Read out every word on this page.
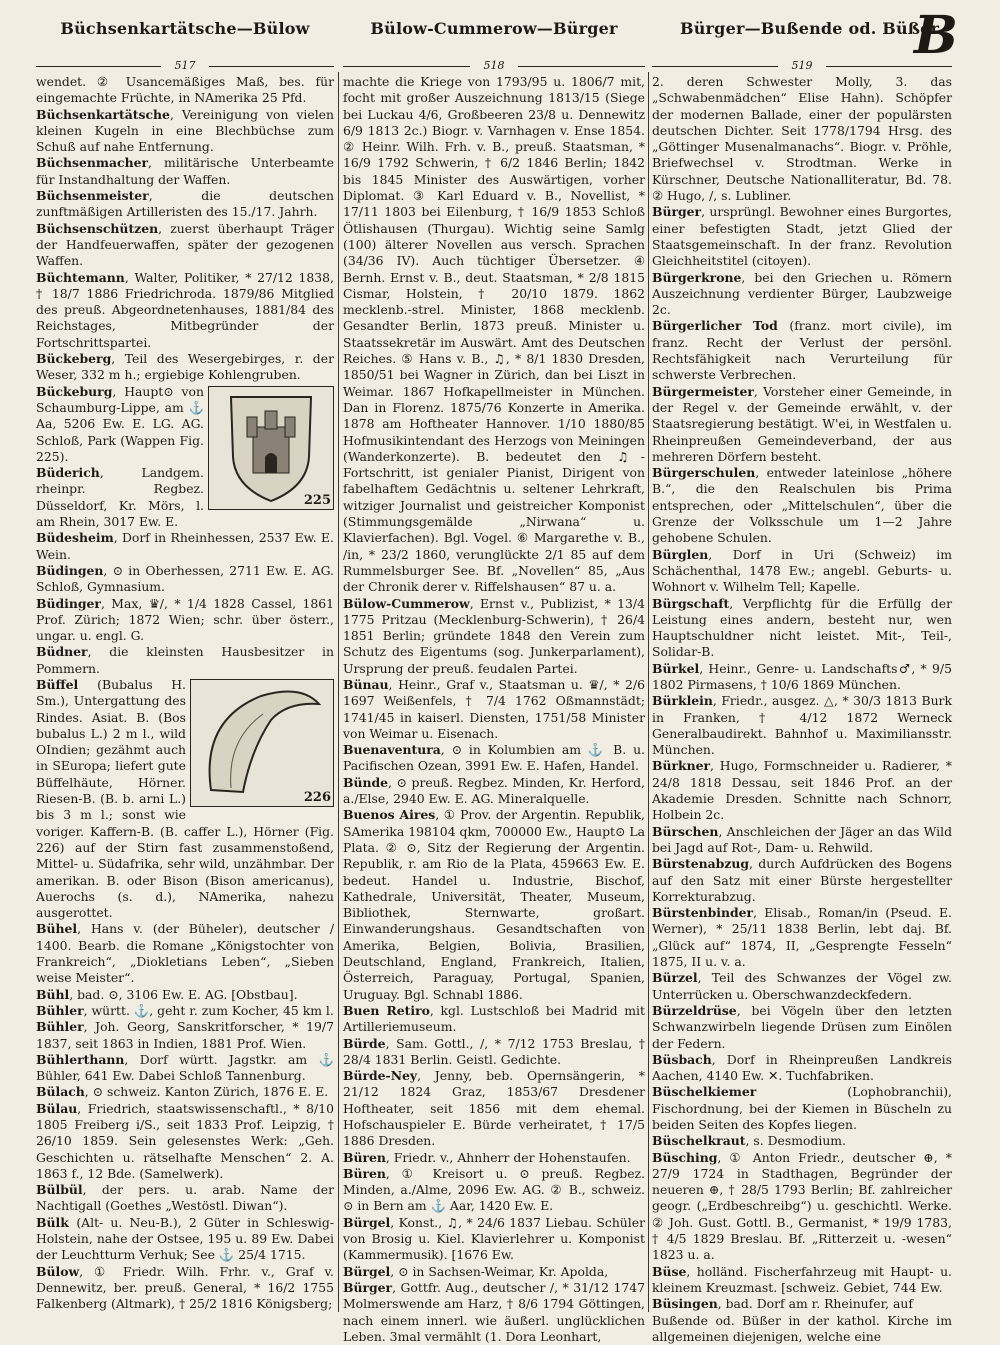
B
Büchsenkartätsche—Bülow
517

wendet. ② Usancemäßiges Maß, bes. für eingemachte Früchte, in NAmerika 25 Pfd.

Büchsenkartätsche, Vereinigung von vielen kleinen Kugeln in eine Blechbüchse zum Schuß auf nahe Entfernung.

Büchsenmacher, militärische Unterbeamte für Instandhaltung der Waffen.

Büchsenmeister, die deutschen zunftmäßigen Artilleristen des 15./17. Jahrh.

Büchsenschützen, zuerst überhaupt Träger der Handfeuerwaffen, später der gezogenen Waffen.

Büchtemann, Walter, Politiker, * 27/12 1838, † 18/7 1886 Friedrichroda. 1879/86 Mitglied des preuß. Abgeordnetenhauses, 1881/84 des Reichstages, Mitbegründer der Fortschrittspartei.

Bückeberg, Teil des Wesergebirges, r. der Weser, 332 m h.; ergiebige Kohlengruben.

225

Bückeburg, Haupt⊙ von Schaumburg-Lippe, am ⚓ Aa, 5206 Ew. E. LG. AG. Schloß, Park (Wappen Fig. 225).

Büderich, Landgem. rheinpr. Regbez. Düsseldorf, Kr. Mörs, l. am Rhein, 3017 Ew. E.

Büdesheim, Dorf in Rheinhessen, 2537 Ew. E. Wein.

Büdingen, ⊙ in Oberhessen, 2711 Ew. E. AG. Schloß, Gymnasium.

Büdinger, Max, ♛/, * 1/4 1828 Cassel, 1861 Prof. Zürich; 1872 Wien; schr. über österr., ungar. u. engl. G.

Büdner, die kleinsten Hausbesitzer in Pommern.

226

Büffel (Bubalus H. Sm.), Untergattung des Rindes. Asiat. B. (Bos bubalus L.) 2 m l., wild OIndien; gezähmt auch in SEuropa; liefert gute Büffelhäute, Hörner. Riesen-B. (B. b. arni L.) bis 3 m l.; sonst wie voriger. Kaffern-B. (B. caffer L.), Hörner (Fig. 226) auf der Stirn fast zusammenstoßend, Mittel- u. Südafrika, sehr wild, unzähmbar. Der amerikan. B. oder Bison (Bison americanus), Auerochs (s. d.), NAmerika, nahezu ausgerottet.

Bühel, Hans v. (der Büheler), deutscher / 1400. Bearb. die Romane „Königstochter von Frankreich“, „Diokletians Leben“, „Sieben weise Meister“.

Bühl, bad. ⊙, 3106 Ew. E. AG. [Obstbau].

Bühler, württ. ⚓, geht r. zum Kocher, 45 km l.

Bühler, Joh. Georg, Sanskritforscher, * 19/7 1837, seit 1863 in Indien, 1881 Prof. Wien.

Bühlerthann, Dorf württ. Jagstkr. am ⚓ Bühler, 641 Ew. Dabei Schloß Tannenburg.

Bülach, ⊙ schweiz. Kanton Zürich, 1876 E. E.

Bülau, Friedrich, staatswissenschaftl., * 8/10 1805 Freiberg i/S., seit 1833 Prof. Leipzig, † 26/10 1859. Sein gelesenstes Werk: „Geh. Geschichten u. rätselhafte Menschen“ 2. A. 1863 f., 12 Bde. (Samelwerk).

Bülbül, der pers. u. arab. Name der Nachtigall (Goethes „Westöstl. Diwan“).

Bülk (Alt- u. Neu-B.), 2 Güter in Schleswig-Holstein, nahe der Ostsee, 195 u. 89 Ew. Dabei der Leuchtturm Verhuk; See ⚓ 25/4 1715.

Bülow, ① Friedr. Wilh. Frhr. v., Graf v. Dennewitz, ber. preuß. General, * 16/2 1755 Falkenberg (Altmark), † 25/2 1816 Königsberg;

Bülow-Cummerow—Bürger
518

machte die Kriege von 1793/95 u. 1806/7 mit, focht mit großer Auszeichnung 1813/15 (Siege bei Luckau 4/6, Großbeeren 23/8 u. Dennewitz 6/9 1813 2c.) Biogr. v. Varnhagen v. Ense 1854. ② Heinr. Wilh. Frh. v. B., preuß. Staatsman, * 16/9 1792 Schwerin, † 6/2 1846 Berlin; 1842 bis 1845 Minister des Auswärtigen, vorher Diplomat. ③ Karl Eduard v. B., Novellist, * 17/11 1803 bei Eilenburg, † 16/9 1853 Schloß Ötlishausen (Thurgau). Wichtig seine Samlg (100) älterer Novellen aus versch. Sprachen (34/36 IV). Auch tüchtiger Übersetzer. ④ Bernh. Ernst v. B., deut. Staatsman, * 2/8 1815 Cismar, Holstein, † 20/10 1879. 1862 mecklenb.-strel. Minister, 1868 mecklenb. Gesandter Berlin, 1873 preuß. Minister u. Staatssekretär im Auswärt. Amt des Deutschen Reiches. ⑤ Hans v. B., ♫, * 8/1 1830 Dresden, 1850/51 bei Wagner in Zürich, dan bei Liszt in Weimar. 1867 Hofkapellmeister in München. Dan in Florenz. 1875/76 Konzerte in Amerika. 1878 am Hoftheater Hannover. 1/10 1880/85 Hofmusikintendant des Herzogs von Meiningen (Wanderkonzerte). B. bedeutet den ♫-Fortschritt, ist genialer Pianist, Dirigent von fabelhaftem Gedächtnis u. seltener Lehrkraft, witziger Journalist und geistreicher Komponist (Stimmungsgemälde „Nirwana“ u. Klavierfachen). Bgl. Vogel. ⑥ Margarethe v. B., /in, * 23/2 1860, verunglückte 2/1 85 auf dem Rummelsburger See. Bf. „Novellen“ 85, „Aus der Chronik derer v. Riffelshausen“ 87 u. a.

Bülow-Cummerow, Ernst v., Publizist, * 13/4 1775 Pritzau (Mecklenburg-Schwerin), † 26/4 1851 Berlin; gründete 1848 den Verein zum Schutz des Eigentums (sog. Junkerparlament), Ursprung der preuß. feudalen Partei.

Bünau, Heinr., Graf v., Staatsman u. ♛/, * 2/6 1697 Weißenfels, † 7/4 1762 Oßmannstädt; 1741/45 in kaiserl. Diensten, 1751/58 Minister von Weimar u. Eisenach.

Buenaventura, ⊙ in Kolumbien am ⚓ B. u. Pacifischen Ozean, 3991 Ew. E. Hafen, Handel.

Bünde, ⊙ preuß. Regbez. Minden, Kr. Herford, a./Else, 2940 Ew. E. AG. Mineralquelle.

Buenos Aires, ① Prov. der Argentin. Republik, SAmerika 198104 qkm, 700000 Ew., Haupt⊙ La Plata. ② ⊙, Sitz der Regierung der Argentin. Republik, r. am Rio de la Plata, 459663 Ew. E. bedeut. Handel u. Industrie, Bischof, Kathedrale, Universität, Theater, Museum, Bibliothek, Sternwarte, großart. Einwanderungshaus. Gesandtschaften von Amerika, Belgien, Bolivia, Brasilien, Deutschland, England, Frankreich, Italien, Österreich, Paraguay, Portugal, Spanien, Uruguay. Bgl. Schnabl 1886.

Buen Retiro, kgl. Lustschloß bei Madrid mit Artilleriemuseum.

Bürde, Sam. Gottl., /, * 7/12 1753 Breslau, † 28/4 1831 Berlin. Geistl. Gedichte.

Bürde-Ney, Jenny, beb. Opernsängerin, * 21/12 1824 Graz, 1853/67 Dresdener Hoftheater, seit 1856 mit dem ehemal. Hofschauspieler E. Bürde verheiratet, † 17/5 1886 Dresden.

Büren, Friedr. v., Ahnherr der Hohenstaufen.

Büren, ① Kreisort u. ⊙ preuß. Regbez. Minden, a./Alme, 2096 Ew. AG. ② B., schweiz. ⊙ in Bern am ⚓ Aar, 1420 Ew. E.

Bürgel, Konst., ♫, * 24/6 1837 Liebau. Schüler von Brosig u. Kiel. Klavierlehrer u. Komponist (Kammermusik). [1676 Ew.

Bürgel, ⊙ in Sachsen-Weimar, Kr. Apolda,

Bürger, Gottfr. Aug., deutscher /, * 31/12 1747 Molmerswende am Harz, † 8/6 1794 Göttingen, nach einem innerl. wie äußerl. unglücklichen Leben. 3mal vermählt (1. Dora Leonhart,

Bürger—Bußende od. Büßer
519

2. deren Schwester Molly, 3. das „Schwabenmädchen“ Elise Hahn). Schöpfer der modernen Ballade, einer der populärsten deutschen Dichter. Seit 1778/1794 Hrsg. des „Göttinger Musenalmanachs“. Biogr. v. Pröhle, Briefwechsel v. Strodtman. Werke in Kürschner, Deutsche Nationalliteratur, Bd. 78. ② Hugo, /, s. Lubliner.

Bürger, ursprüngl. Bewohner eines Burgortes, einer befestigten Stadt, jetzt Glied der Staatsgemeinschaft. In der franz. Revolution Gleichheitstitel (citoyen).

Bürgerkrone, bei den Griechen u. Römern Auszeichnung verdienter Bürger, Laubzweige 2c.

Bürgerlicher Tod (franz. mort civile), im franz. Recht der Verlust der persönl. Rechtsfähigkeit nach Verurteilung für schwerste Verbrechen.

Bürgermeister, Vorsteher einer Gemeinde, in der Regel v. der Gemeinde erwählt, v. der Staatsregierung bestätigt. W'ei, in Westfalen u. Rheinpreußen Gemeindeverband, der aus mehreren Dörfern besteht.

Bürgerschulen, entweder lateinlose „höhere B.“, die den Realschulen bis Prima entsprechen, oder „Mittelschulen“, über die Grenze der Volksschule um 1—2 Jahre gehobene Schulen.

Bürglen, Dorf in Uri (Schweiz) im Schächenthal, 1478 Ew.; angebl. Geburts- u. Wohnort v. Wilhelm Tell; Kapelle.

Bürgschaft, Verpflichtg für die Erfüllg der Leistung eines andern, besteht nur, wen Hauptschuldner nicht leistet. Mit-, Teil-, Solidar-B.

Bürkel, Heinr., Genre- u. Landschafts♂, * 9/5 1802 Pirmasens, † 10/6 1869 München.

Bürklein, Friedr., ausgez. △, * 30/3 1813 Burk in Franken, † 4/12 1872 Werneck Generalbaudirekt. Bahnhof u. Maximiliansstr. München.

Bürkner, Hugo, Formschneider u. Radierer, * 24/8 1818 Dessau, seit 1846 Prof. an der Akademie Dresden. Schnitte nach Schnorr, Holbein 2c.

Bürschen, Anschleichen der Jäger an das Wild bei Jagd auf Rot-, Dam- u. Rehwild.

Bürstenabzug, durch Aufdrücken des Bogens auf den Satz mit einer Bürste hergestellter Korrekturabzug.

Bürstenbinder, Elisab., Roman/in (Pseud. E. Werner), * 25/11 1838 Berlin, lebt daj. Bf. „Glück auf“ 1874, II, „Gesprengte Fesseln“ 1875, II u. v. a.

Bürzel, Teil des Schwanzes der Vögel zw. Unterrücken u. Oberschwanzdeckfedern.

Bürzeldrüse, bei Vögeln über den letzten Schwanzwirbeln liegende Drüsen zum Einölen der Federn.

Büsbach, Dorf in Rheinpreußen Landkreis Aachen, 4140 Ew. ✕. Tuchfabriken.

Büschelkiemer (Lophobranchii), Fischordnung, bei der Kiemen in Büscheln zu beiden Seiten des Kopfes liegen.

Büschelkraut, s. Desmodium.

Büsching, ① Anton Friedr., deutscher ⊕, * 27/9 1724 in Stadthagen, Begründer der neueren ⊕, † 28/5 1793 Berlin; Bf. zahlreicher geogr. („Erdbeschreibg“) u. geschichtl. Werke. ② Joh. Gust. Gottl. B., Germanist, * 19/9 1783, † 4/5 1829 Breslau. Bf. „Ritterzeit u. -wesen“ 1823 u. a.

Büse, holländ. Fischerfahrzeug mit Haupt- u. kleinem Kreuzmast. [schweiz. Gebiet, 744 Ew.

Büsingen, bad. Dorf am r. Rheinufer, auf

Bußende od. Büßer in der kathol. Kirche im allgemeinen diejenigen, welche eine
